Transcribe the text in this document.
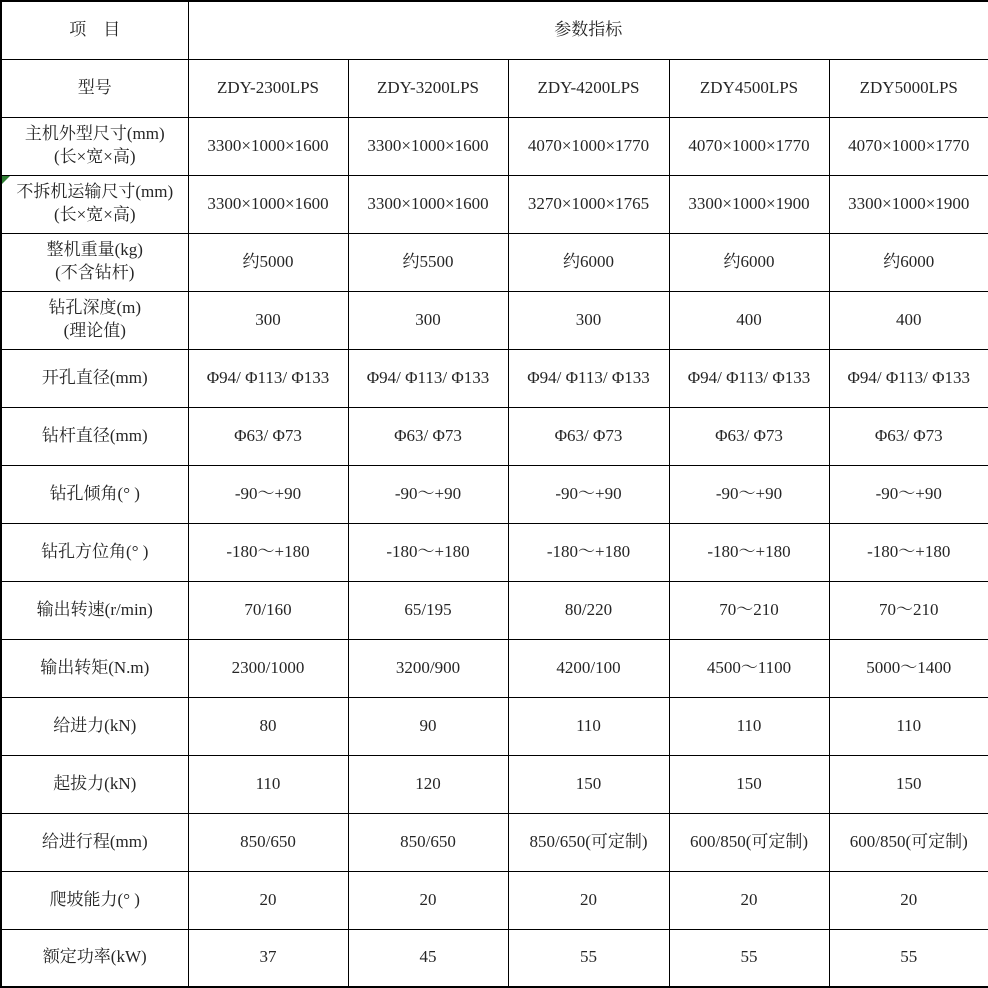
项    目	参数指标				
型号	ZDY-2300LPS	ZDY-3200LPS	ZDY-4200LPS	ZDY4500LPS	ZDY5000LPS

主机外型尺寸(mm)
(长×宽×高)	3300×1000×1600	3300×1000×1600	4070×1000×1770	4070×1000×1770	4070×1000×1770

不拆机运输尺寸(mm)
(长×宽×高)	3300×1000×1600	3300×1000×1600	3270×1000×1765	3300×1000×1900	3300×1000×1900

整机重量(kg)
(不含钻杆)	约5000	约5500	约6000	约6000	约6000

钻孔深度(m)
(理论值)	300	300	300	400	400

开孔直径(mm)	Φ94/ Φ113/ Φ133	Φ94/ Φ113/ Φ133	Φ94/ Φ113/ Φ133	Φ94/ Φ113/ Φ133	Φ94/ Φ113/ Φ133

钻杆直径(mm)	Φ63/ Φ73	Φ63/ Φ73	Φ63/ Φ73	Φ63/ Φ73	Φ63/ Φ73

钻孔倾角(° )	-90～+90	-90～+90	-90～+90	-90～+90	-90～+90

钻孔方位角(° )	-180～+180	-180～+180	-180～+180	-180～+180	-180～+180

输出转速(r/min)	70/160	65/195	80/220	70～210	70～210

输出转矩(N.m)	2300/1000	3200/900	4200/100	4500～1100	5000～1400

给进力(kN)	80	90	110	110	110

起拔力(kN)	110	120	150	150	150

给进行程(mm)	850/650	850/650	850/650(可定制)	600/850(可定制)	600/850(可定制)

爬坡能力(° )	20	20	20	20	20

额定功率(kW)	37	45	55	55	55
